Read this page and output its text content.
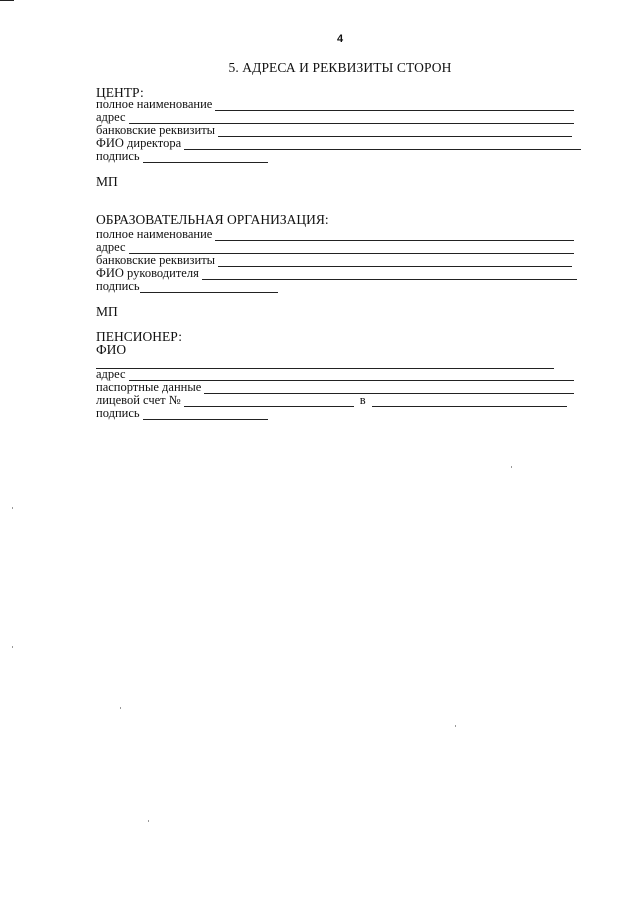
4
5. АДРЕСА И РЕКВИЗИТЫ СТОРОН
ЦЕНТР:
полное наименование
адрес
банковские реквизиты
ФИО директора
подпись
МП
ОБРАЗОВАТЕЛЬНАЯ ОРГАНИЗАЦИЯ:
полное наименование
адрес
банковские реквизиты
ФИО руководителя
подпись
МП
ПЕНСИОНЕР:
ФИО
адрес
паспортные данные
лицевой счет №	в
подпись
